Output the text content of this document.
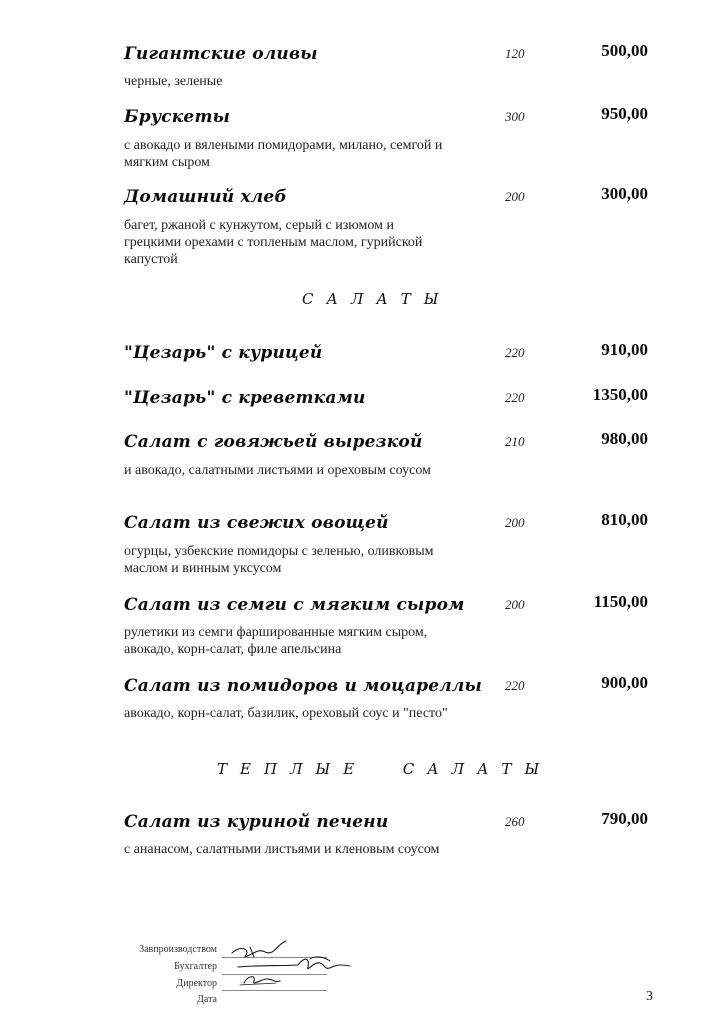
Гигантские оливы	120	500,00
черные, зеленые
Брускеты	300	950,00
с авокадо и вялеными помидорами, милано, семгой и мягким сыром
Домашний хлеб	200	300,00
багет, ржаной с кунжутом, серый с изюмом и грецкими орехами с топленым маслом, гурийской капустой
САЛАТЫ
"Цезарь" с курицей	220	910,00
"Цезарь" с креветками	220	1350,00
Салат с говяжьей вырезкой	210	980,00
и авокадо, салатными листьями и ореховым соусом
Салат из свежих овощей	200	810,00
огурцы, узбекские помидоры с зеленью, оливковым маслом и винным уксусом
Салат из семги с мягким сыром	200	1150,00
рулетики из семги фаршированные мягким сыром, авокадо, корн-салат, филе апельсина
Салат из помидоров и моцареллы 220	900,00
авокадо, корн-салат, базилик, ореховый соус и "песто"
ТЕПЛЫЕ  САЛАТЫ
Салат из куриной печени	260	790,00
с ананасом, салатными листьями и кленовым соусом
Завпроизводством
Бухгалтер
Директор
Дата	3
